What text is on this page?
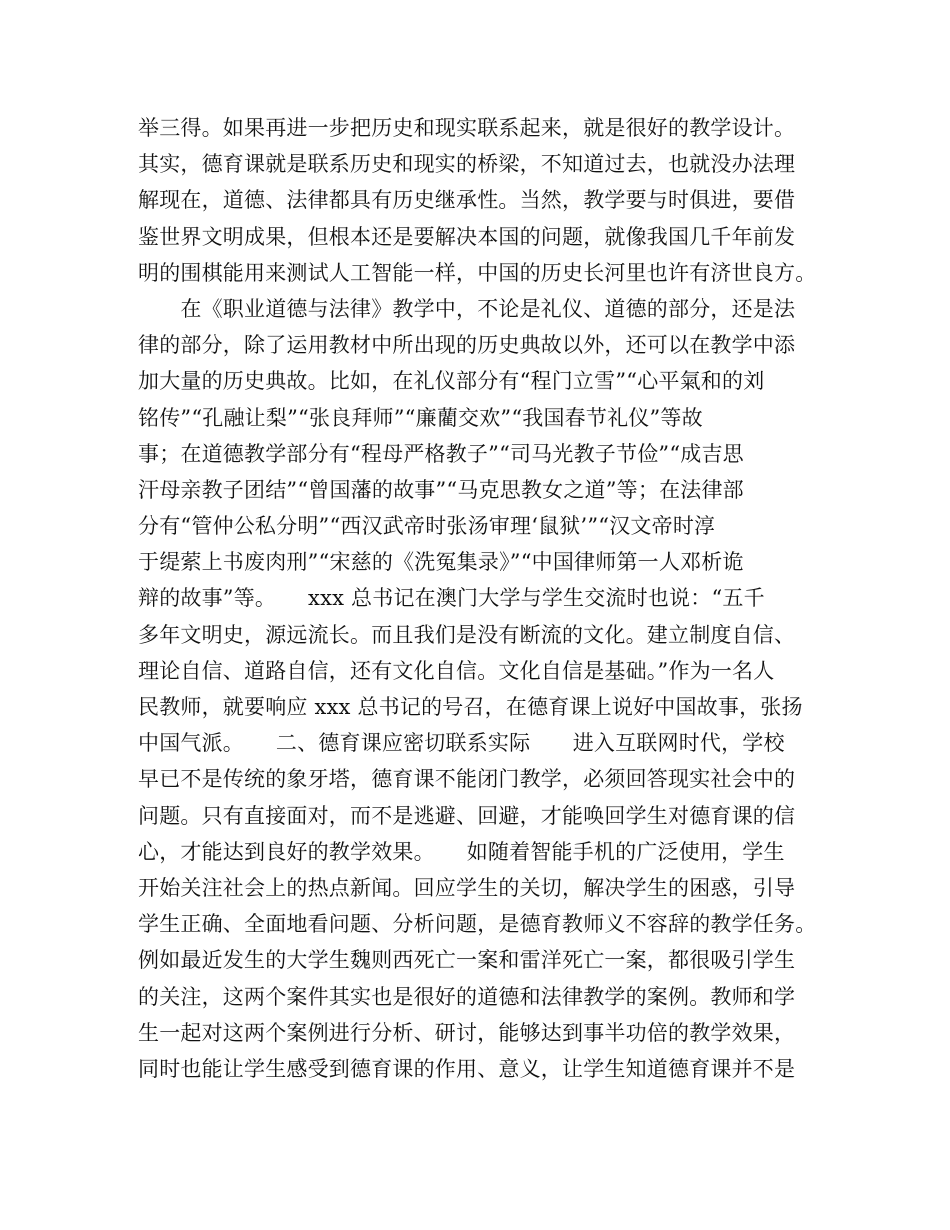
举三得。如果再进一步把历史和现实联系起来，就是很好的教学设计。
其实，德育课就是联系历史和现实的桥梁，不知道过去，也就没办法理
解现在，道德、法律都具有历史继承性。当然，教学要与时俱进，要借
鉴世界文明成果，但根本还是要解决本国的问题，就像我国几千年前发
明的围棋能用来测试人工智能一样，中国的历史长河里也许有济世良方。
　　在《职业道德与法律》教学中，不论是礼仪、道德的部分，还是法
律的部分，除了运用教材中所出现的历史典故以外，还可以在教学中添
加大量的历史典故。比如，在礼仪部分有“程门立雪”“心平氣和的刘
铭传”“孔融让梨”“张良拜师”“廉藺交欢”“我国春节礼仪”等故
事；在道德教学部分有“程母严格教子”“司马光教子节俭”“成吉思
汗母亲教子团结”“曾国藩的故事”“马克思教女之道”等；在法律部
分有“管仲公私分明”“西汉武帝时张汤审理‘鼠狱’”“汉文帝时淳
于缇萦上书废肉刑”“宋慈的《洗冤集录》”“中国律师第一人邓析诡
辩的故事”等。　　xxx 总书记在澳门大学与学生交流时也说：“五千
多年文明史，源远流长。而且我们是没有断流的文化。建立制度自信、
理论自信、道路自信，还有文化自信。文化自信是基础。”作为一名人
民教师，就要响应 xxx 总书记的号召，在德育课上说好中国故事，张扬
中国气派。　　二、德育课应密切联系实际　　进入互联网时代，学校
早已不是传统的象牙塔，德育课不能闭门教学，必须回答现实社会中的
问题。只有直接面对，而不是逃避、回避，才能唤回学生对德育课的信
心，才能达到良好的教学效果。　　如随着智能手机的广泛使用，学生
开始关注社会上的热点新闻。回应学生的关切，解决学生的困惑，引导
学生正确、全面地看问题、分析问题，是德育教师义不容辞的教学任务。
例如最近发生的大学生魏则西死亡一案和雷洋死亡一案，都很吸引学生
的关注，这两个案件其实也是很好的道德和法律教学的案例。教师和学
生一起对这两个案例进行分析、研讨，能够达到事半功倍的教学效果，
同时也能让学生感受到德育课的作用、意义，让学生知道德育课并不是
